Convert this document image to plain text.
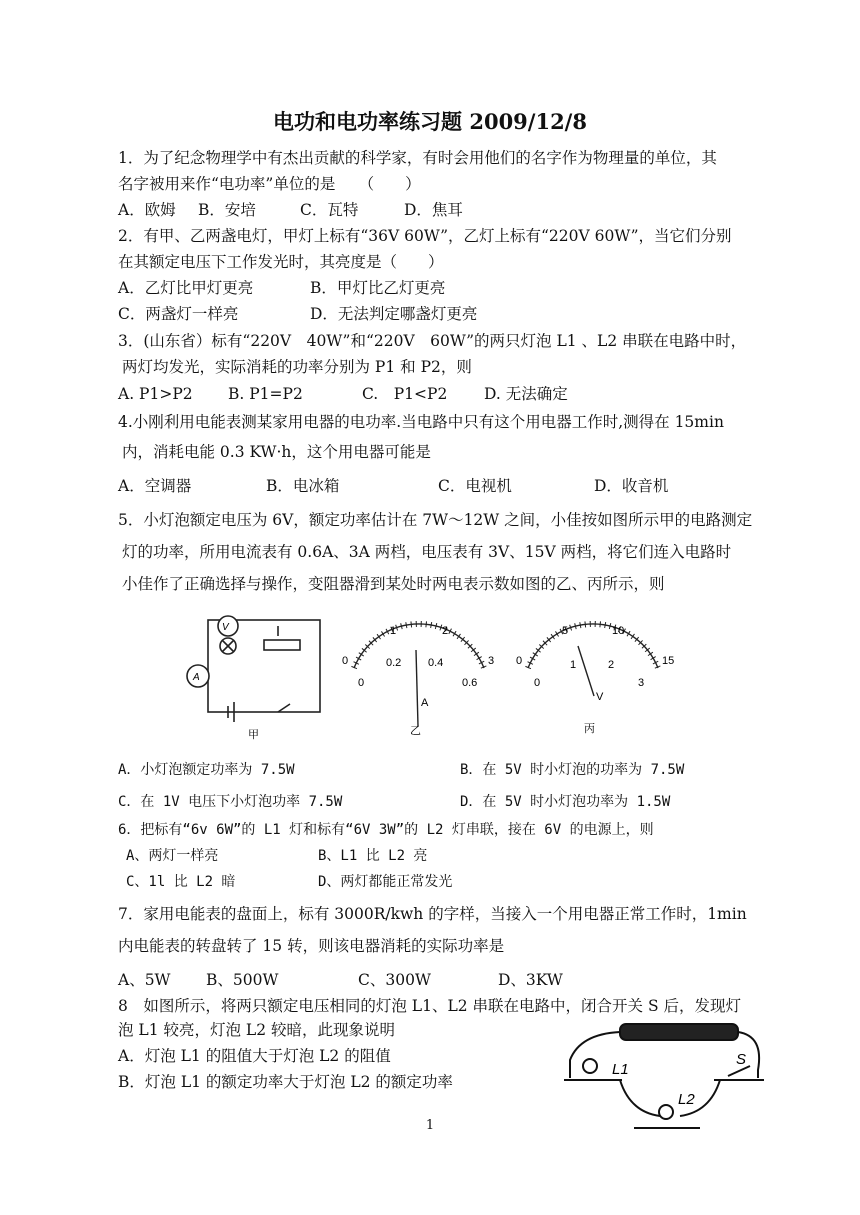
电功和电功率练习题 2009/12/8
1．为了纪念物理学中有杰出贡献的科学家，有时会用他们的名字作为物理量的单位，其
名字被用来作“电功率”单位的是　　（　　）
A．欧姆 B．安培	C．瓦特	D．焦耳
2．有甲、乙两盏电灯，甲灯上标有“36V 60W”，乙灯上标有“220V 60W”，当它们分别
在其额定电压下工作发光时，其亮度是（　　）
A．乙灯比甲灯更亮	B．甲灯比乙灯更亮
C．两盏灯一样亮	D．无法判定哪盏灯更亮
3．(山东省）标有“220V　40W”和“220V　60W”的两只灯泡 L1 、L2 串联在电路中时，
两灯均发光，实际消耗的功率分别为 P1 和 P2，则
A. P1>P2 B. P1=P2	C.　P1<P2 D. 无法确定
4.小刚利用电能表测某家用电器的电功率.当电路中只有这个用电器工作时,测得在 15min
内，消耗电能 0.3 KW·h，这个用电器可能是
A．空调器	B．电冰箱	C．电视机	D．收音机
5．小灯泡额定电压为 6V，额定功率估计在 7W～12W 之间，小佳按如图所示甲的电路测定
灯的功率，所用电流表有 0.6A、3A 两档，电压表有 3V、15V 两档，将它们连入电路时
小佳作了正确选择与操作，变阻器滑到某处时两电表示数如图的乙、丙所示，则
V
A
甲
0
1	2
3
0
0.2 0.4
0.6
A
乙
0
5	10
15
0
1	2
3
V
丙
A．小灯泡额定功率为 7.5W	B．在 5V 时小灯泡的功率为 7.5W
C．在 1V 电压下小灯泡功率 7.5W	D．在 5V 时小灯泡功率为 1.5W
6．把标有“6v 6W”的 L1 灯和标有“6V 3W”的 L2 灯串联，接在 6V 的电源上，则
A、两灯一样亮	B、L1 比 L2 亮
C、1l 比 L2 暗	D、两灯都能正常发光
7．家用电能表的盘面上，标有 3000R/kwh 的字样，当接入一个用电器正常工作时，1min
内电能表的转盘转了 15 转，则该电器消耗的实际功率是
A、5W B、500W	C、300W	D、3KW
8　如图所示，将两只额定电压相同的灯泡 L1、L2 串联在电路中，闭合开关 S 后，发现灯
泡 L1 较亮，灯泡 L2 较暗，此现象说明
A．灯泡 L1 的阻值大于灯泡 L2 的阻值
B．灯泡 L1 的额定功率大于灯泡 L2 的额定功率
L1
L2
S
1
